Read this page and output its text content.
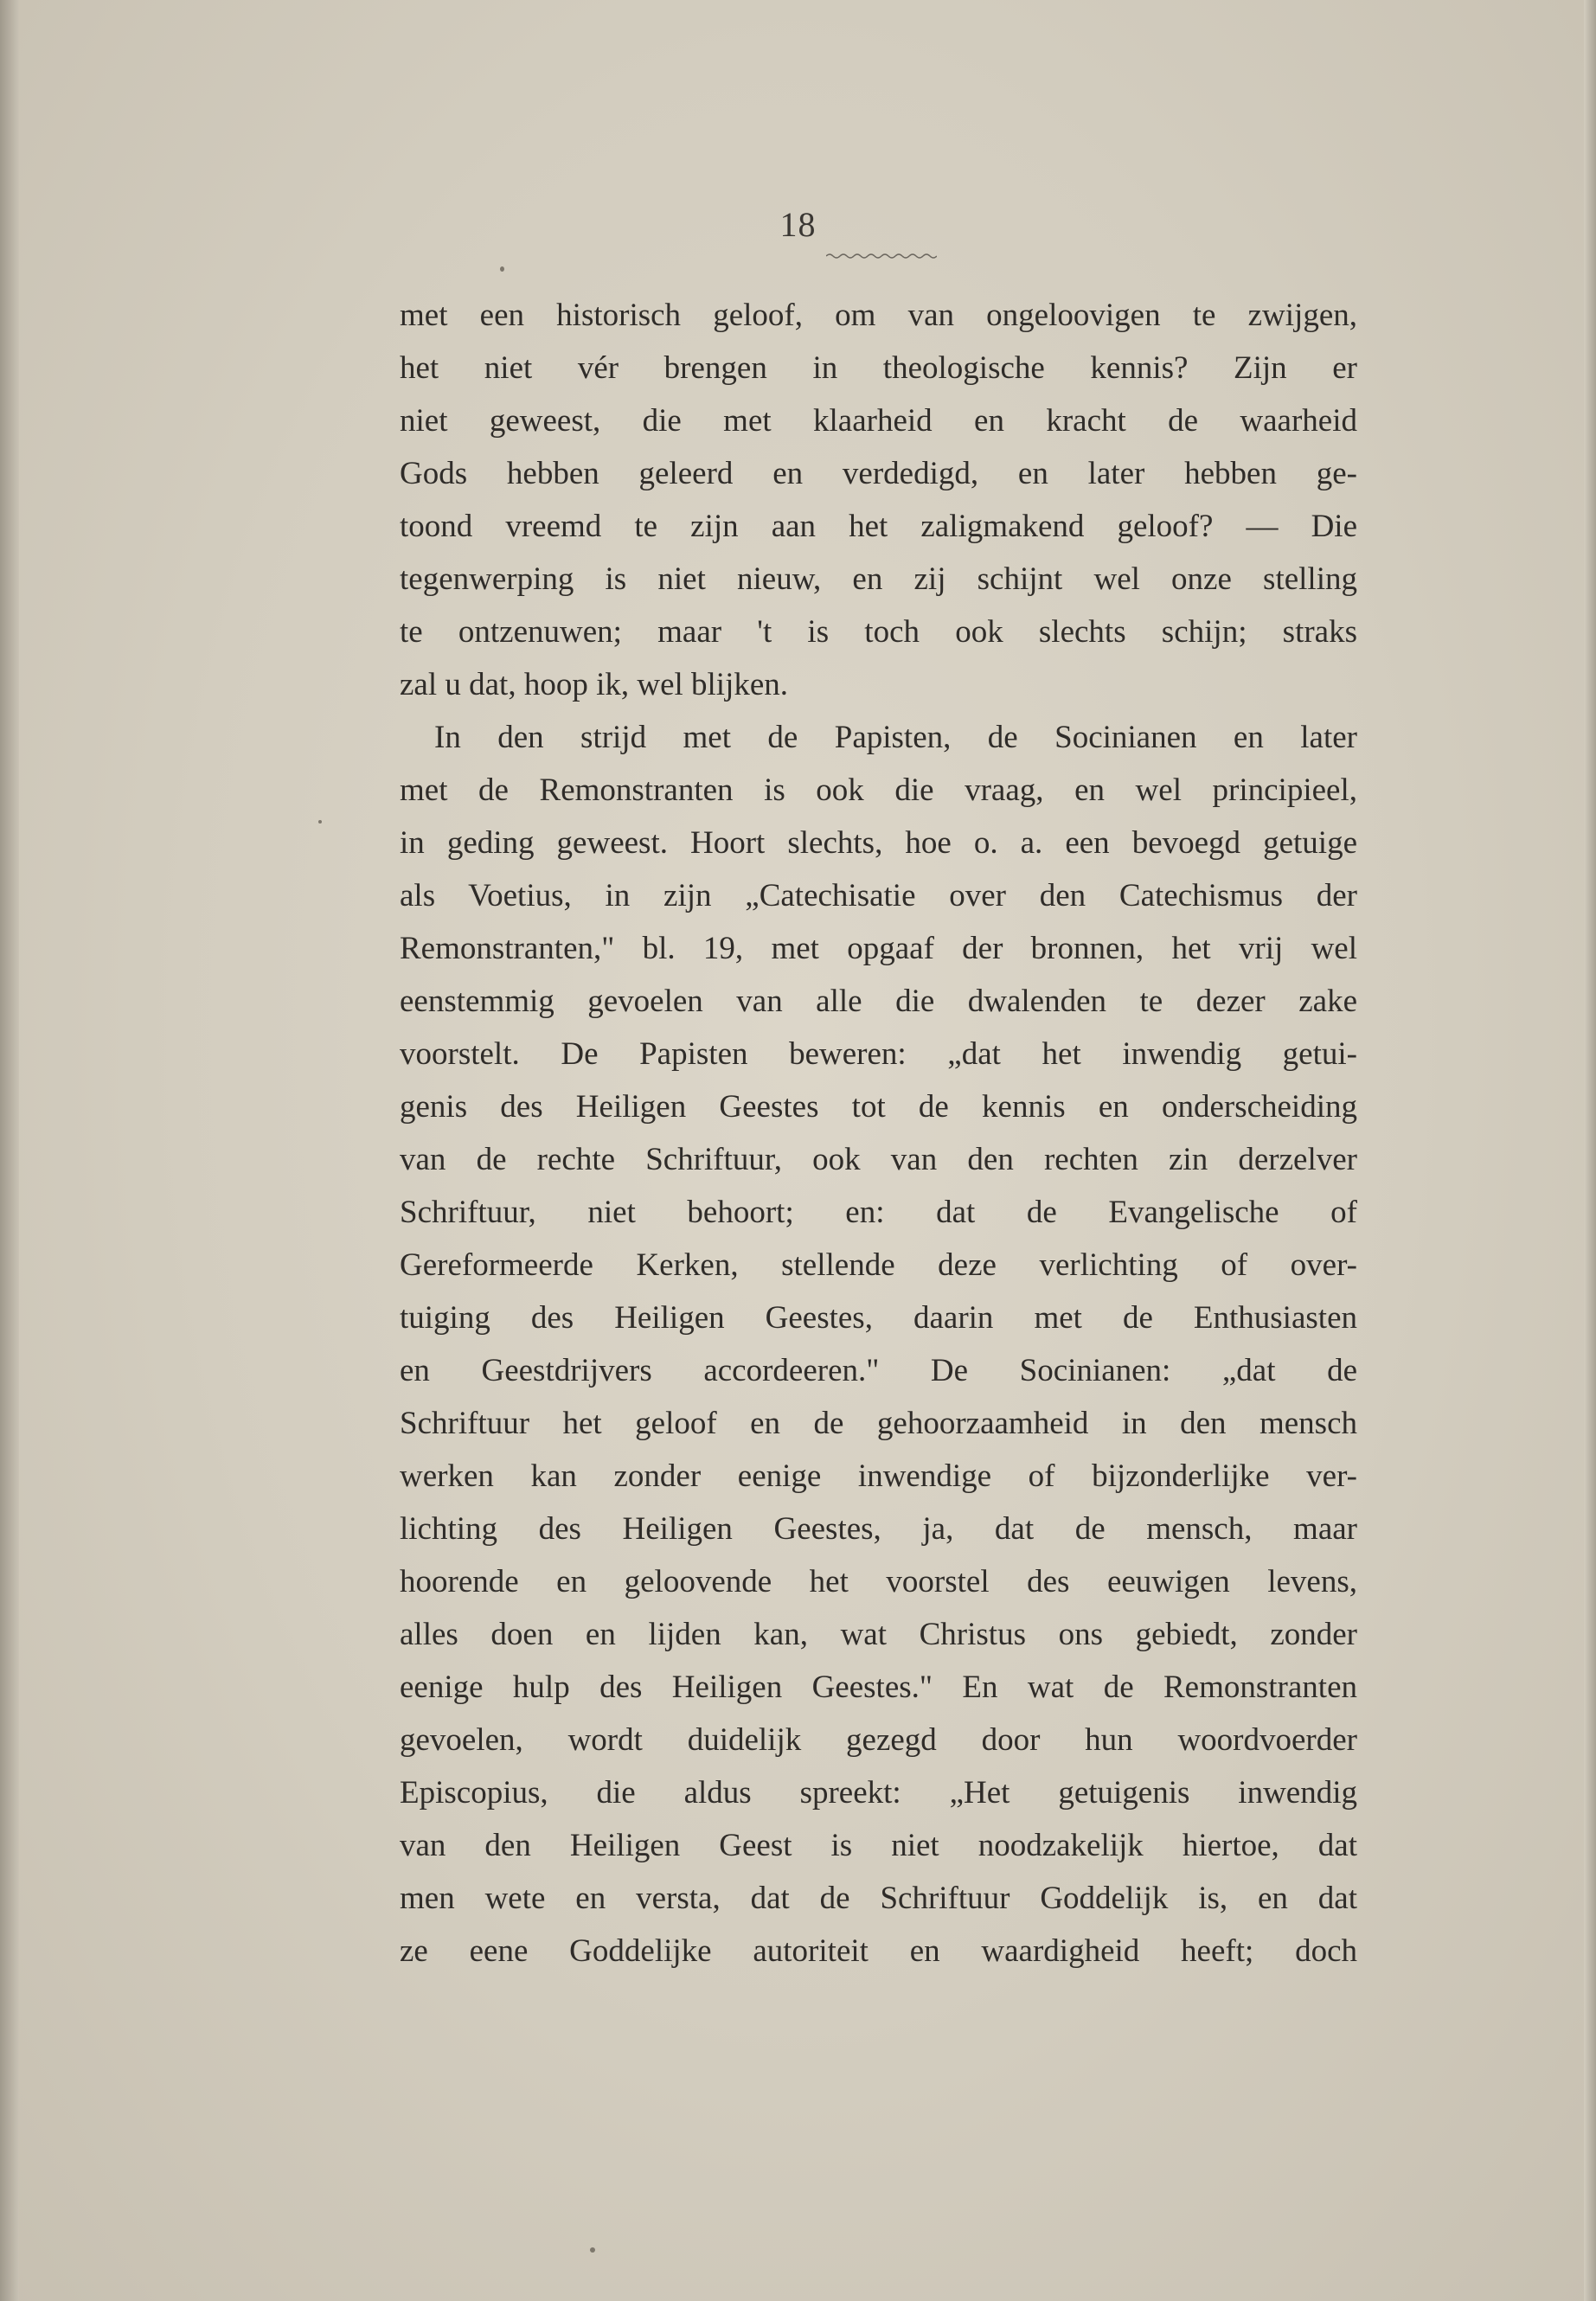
18
met een historisch geloof, om van ongeloovigen te zwijgen,
het niet vér brengen in theologische kennis? Zijn er
niet geweest, die met klaarheid en kracht de waarheid
Gods hebben geleerd en verdedigd, en later hebben ge-
toond vreemd te zijn aan het zaligmakend geloof? — Die
tegenwerping is niet nieuw, en zij schijnt wel onze stelling
te ontzenuwen; maar 't is toch ook slechts schijn; straks
zal u dat, hoop ik, wel blijken.
In den strijd met de Papisten, de Socinianen en later
met de Remonstranten is ook die vraag, en wel principieel,
in geding geweest. Hoort slechts, hoe o. a. een bevoegd getuige
als Voetius, in zijn „Catechisatie over den Catechismus der
Remonstranten," bl. 19, met opgaaf der bronnen, het vrij wel
eenstemmig gevoelen van alle die dwalenden te dezer zake
voorstelt. De Papisten beweren: „dat het inwendig getui-
genis des Heiligen Geestes tot de kennis en onderscheiding
van de rechte Schriftuur, ook van den rechten zin derzelver
Schriftuur, niet behoort; en: dat de Evangelische of
Gereformeerde Kerken, stellende deze verlichting of over-
tuiging des Heiligen Geestes, daarin met de Enthusiasten
en Geestdrijvers accordeeren." De Socinianen: „dat de
Schriftuur het geloof en de gehoorzaamheid in den mensch
werken kan zonder eenige inwendige of bijzonderlijke ver-
lichting des Heiligen Geestes, ja, dat de mensch, maar
hoorende en geloovende het voorstel des eeuwigen levens,
alles doen en lijden kan, wat Christus ons gebiedt, zonder
eenige hulp des Heiligen Geestes." En wat de Remonstranten
gevoelen, wordt duidelijk gezegd door hun woordvoerder
Episcopius, die aldus spreekt: „Het getuigenis inwendig
van den Heiligen Geest is niet noodzakelijk hiertoe, dat
men wete en versta, dat de Schriftuur Goddelijk is, en dat
ze eene Goddelijke autoriteit en waardigheid heeft; doch
